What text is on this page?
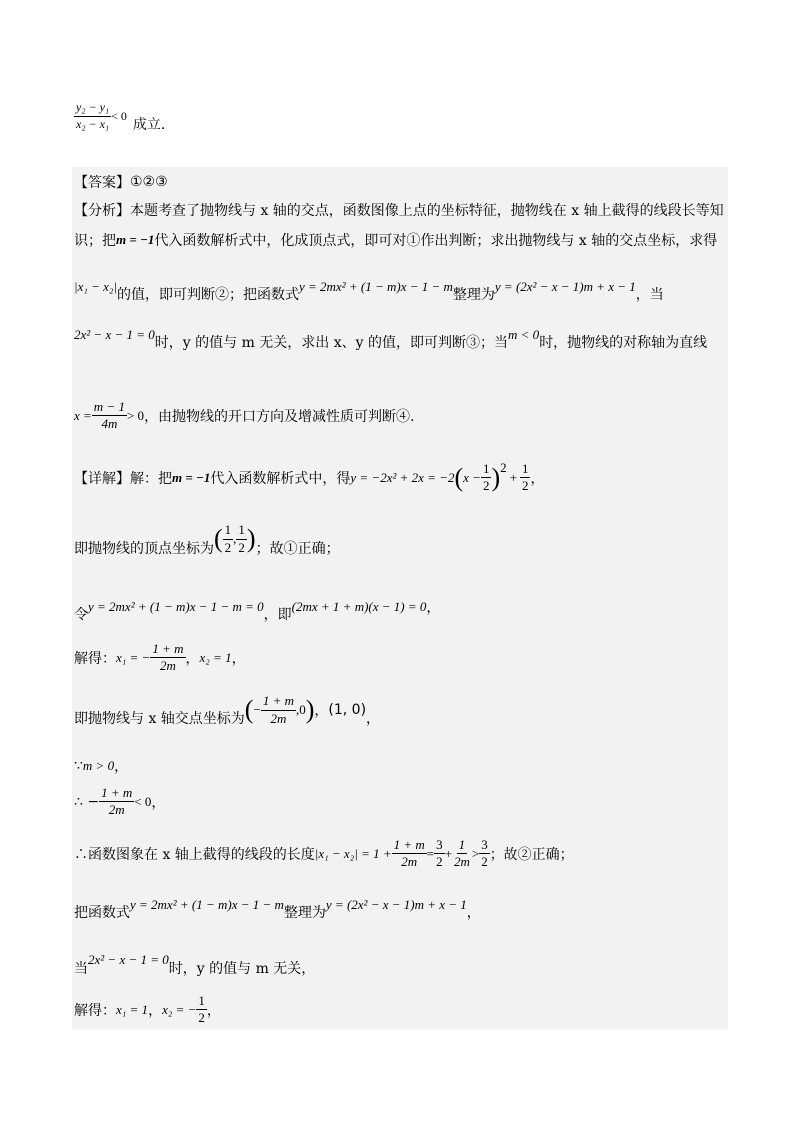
$\frac{\text{y₂ − y₁}}{\text{x₂ − x₁}} < 0$
成立.
【答案】 ①②③
【分析】 本题考查了抛物线与 x 轴的交点，函数图像上点的坐标特征，抛物线在 x 轴上截得的线段长等知
识；把 m = −1 代入函数解析式中，化成顶点式，即可对①作出判断；求出抛物线与 x 轴的交点坐标，求得
|x₁ − x₂|
的值，即可判断②；把函数式
y = 2mx² + (1 − m)x − 1 − m
整理为
y = (2x² − x − 1)m + x − 1
，当
2x² − x − 1 = 0
时，y 的值与 m 无关，求出 x、y 的值，即可判断③；当
m < 0
时，抛物线的对称轴为直线
$x = \frac{m - 1}{4m} > 0$ ，由抛物线的开口方向及增减性质可判断④.
【详解】 解：把 m = −1 代入函数解析式中，得 y = −2x² + 2x = −2 ( $x - \frac{1}{2}$ ) 2
+ $\frac{1}{2}$ ，
即抛物线的顶点坐标为 ( $\frac{1}{2}$ , $\frac{1}{2}$ ) ；故①正确；
令
y = 2mx² + (1 − m)x − 1 − m = 0
，即
(2mx + 1 + m)(x − 1) = 0 ，
解得： x₁ = − $\frac{1 + m}{2m}$ ， x₂ = 1 ，
即抛物线与 x 轴交点坐标为 ( − $\frac{1 + m}{2m} ,0$ ) ， (1, 0)
，
∵ m > 0 ，
∴ − $\frac{1 + m}{2m} < 0$ ，
∴函数图象在 x 轴上截得的线段的长度 $|x_1 - x_2| = 1 + \frac{1 + m}{2m} = \frac{3}{2} + \frac{1}{2m} > \frac{3}{2}$ ；故②正确；
把函数式
y = 2mx² + (1 − m)x − 1 − m
整理为
y = (2x² − x − 1)m + x − 1
，
当
2x² − x − 1 = 0
时，y 的值与 m 无关，
解得： x₁ = 1 ， x₂ = − $\frac{1}{2}$ ，
